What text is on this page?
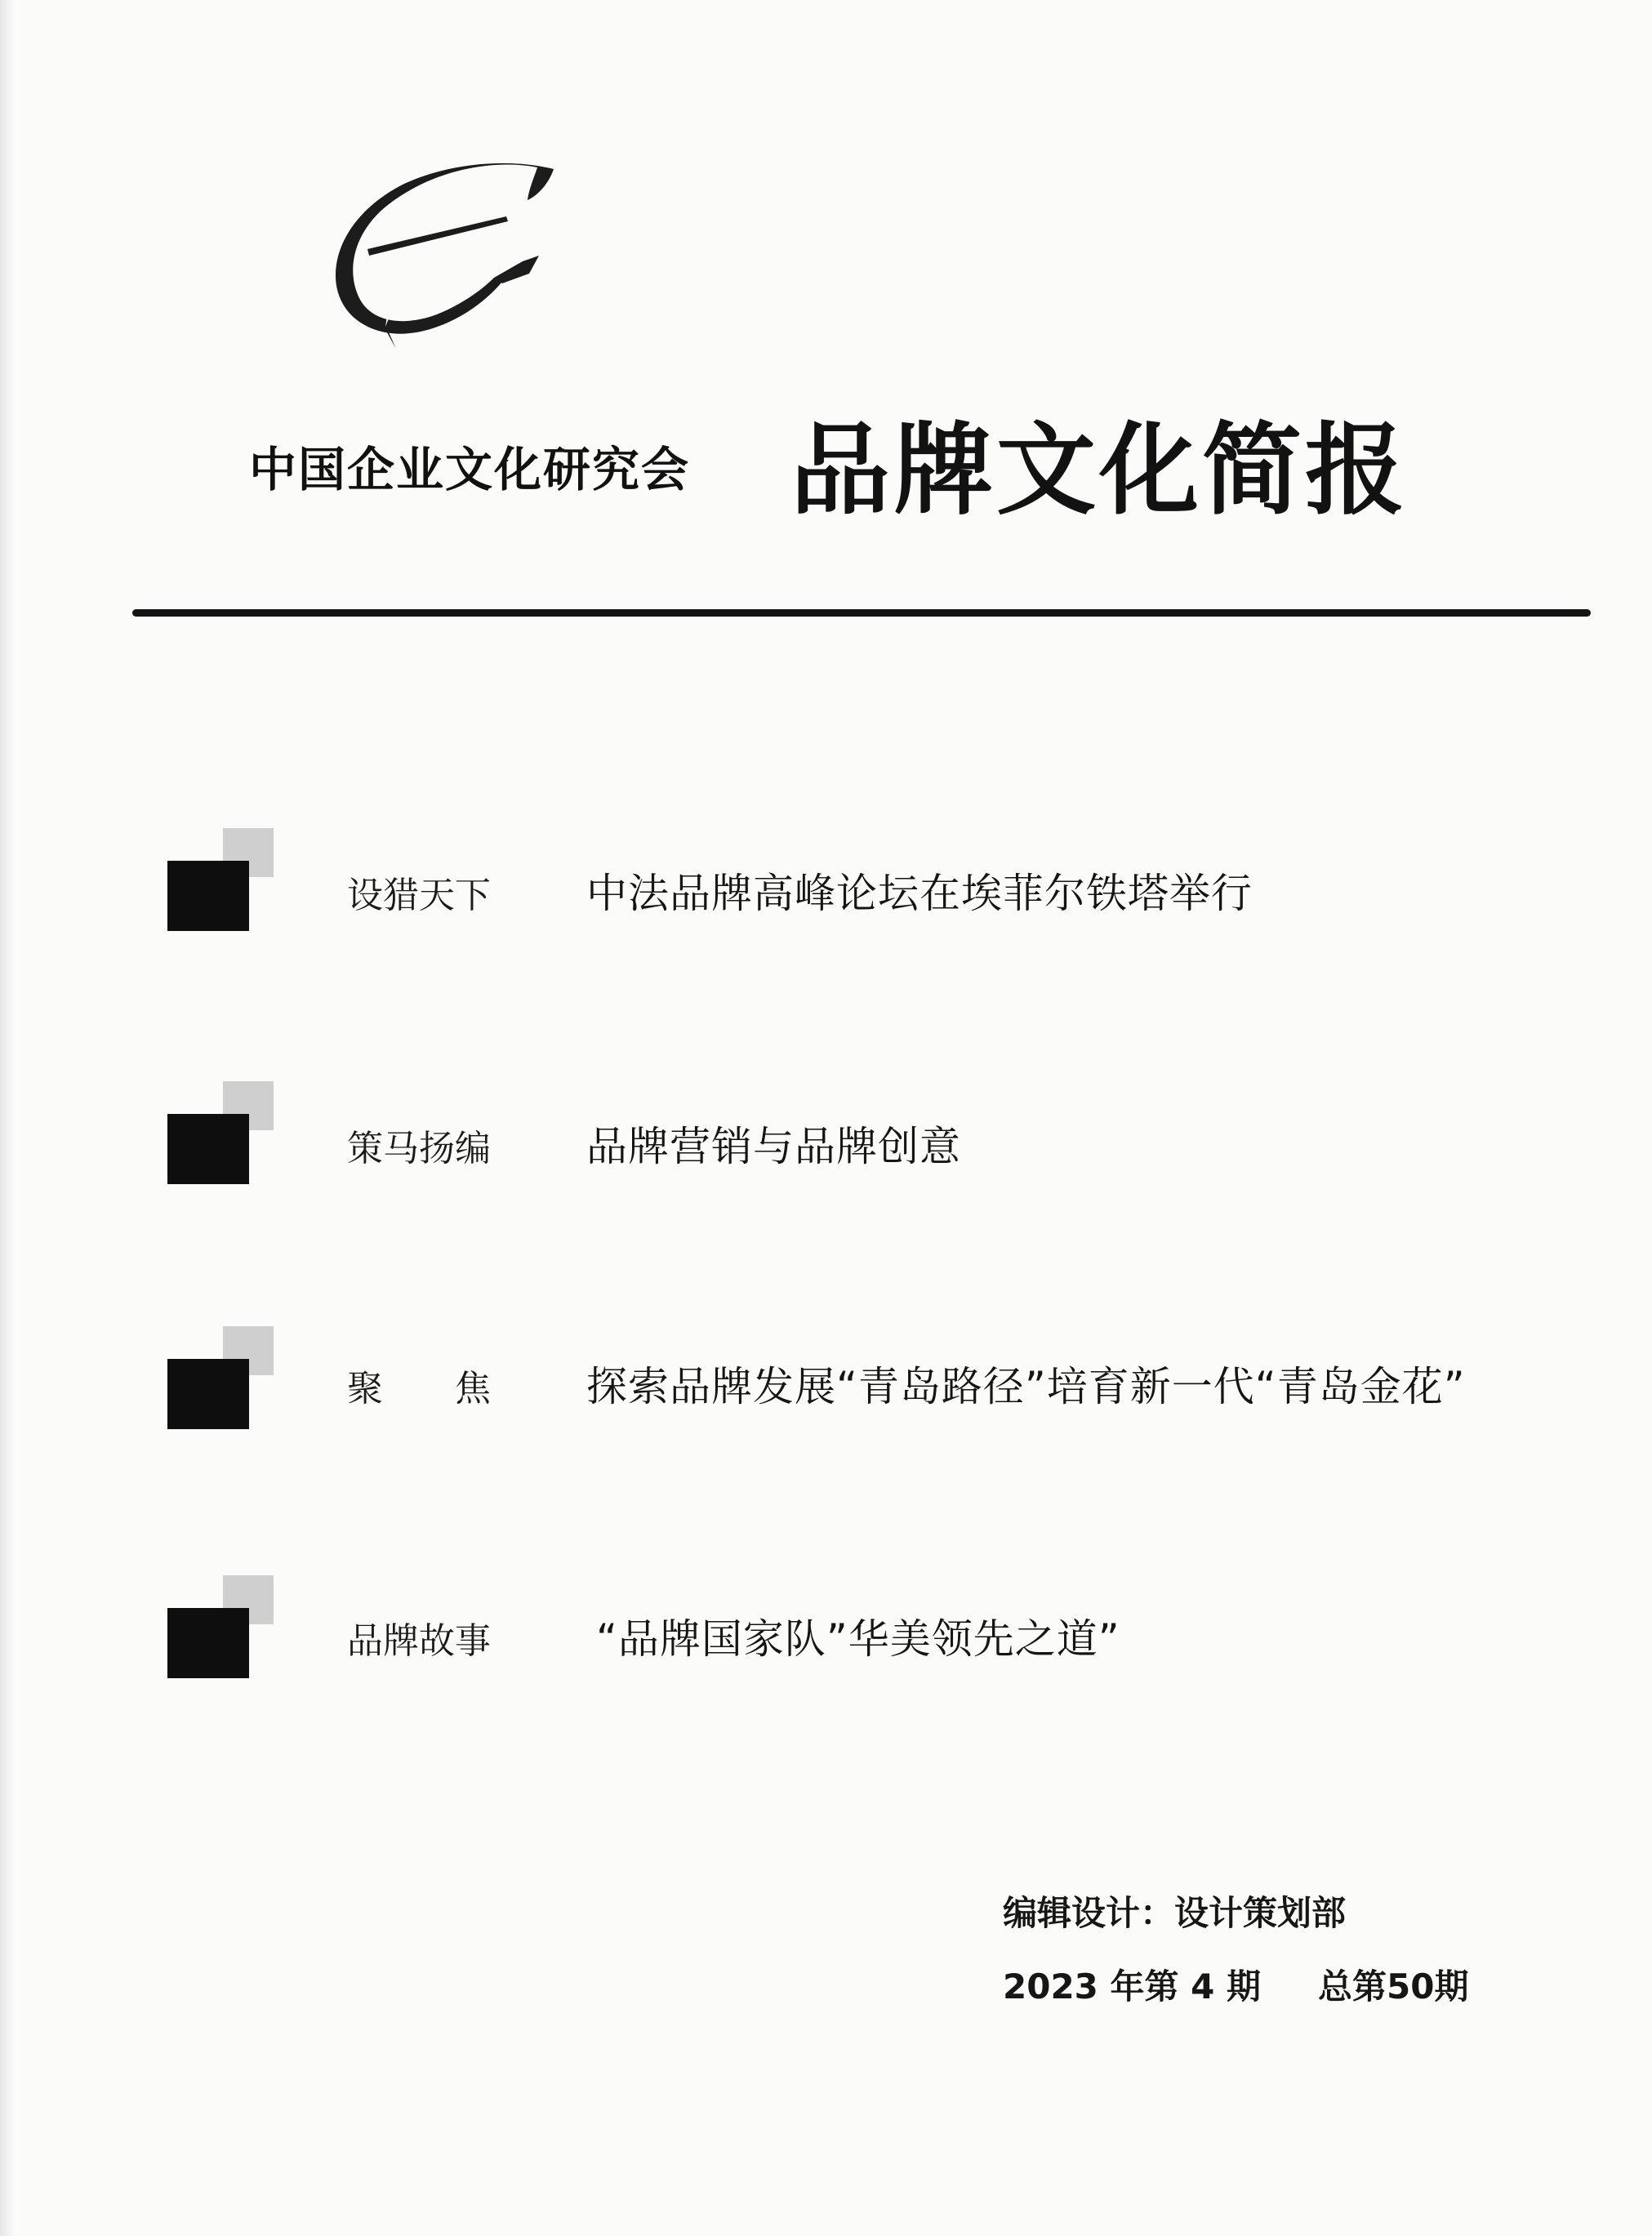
中国企业文化研究会 品牌文化简报
设猎天下 中法品牌高峰论坛在埃菲尔铁塔举行
策马扬编 品牌营销与品牌创意
聚　　焦 探索品牌发展“青岛路径”培育新一代“青岛金花”
品牌故事	“品牌国家队”华美领先之道”
编辑设计：设计策划部
2023 年第 4 期 总第50期
